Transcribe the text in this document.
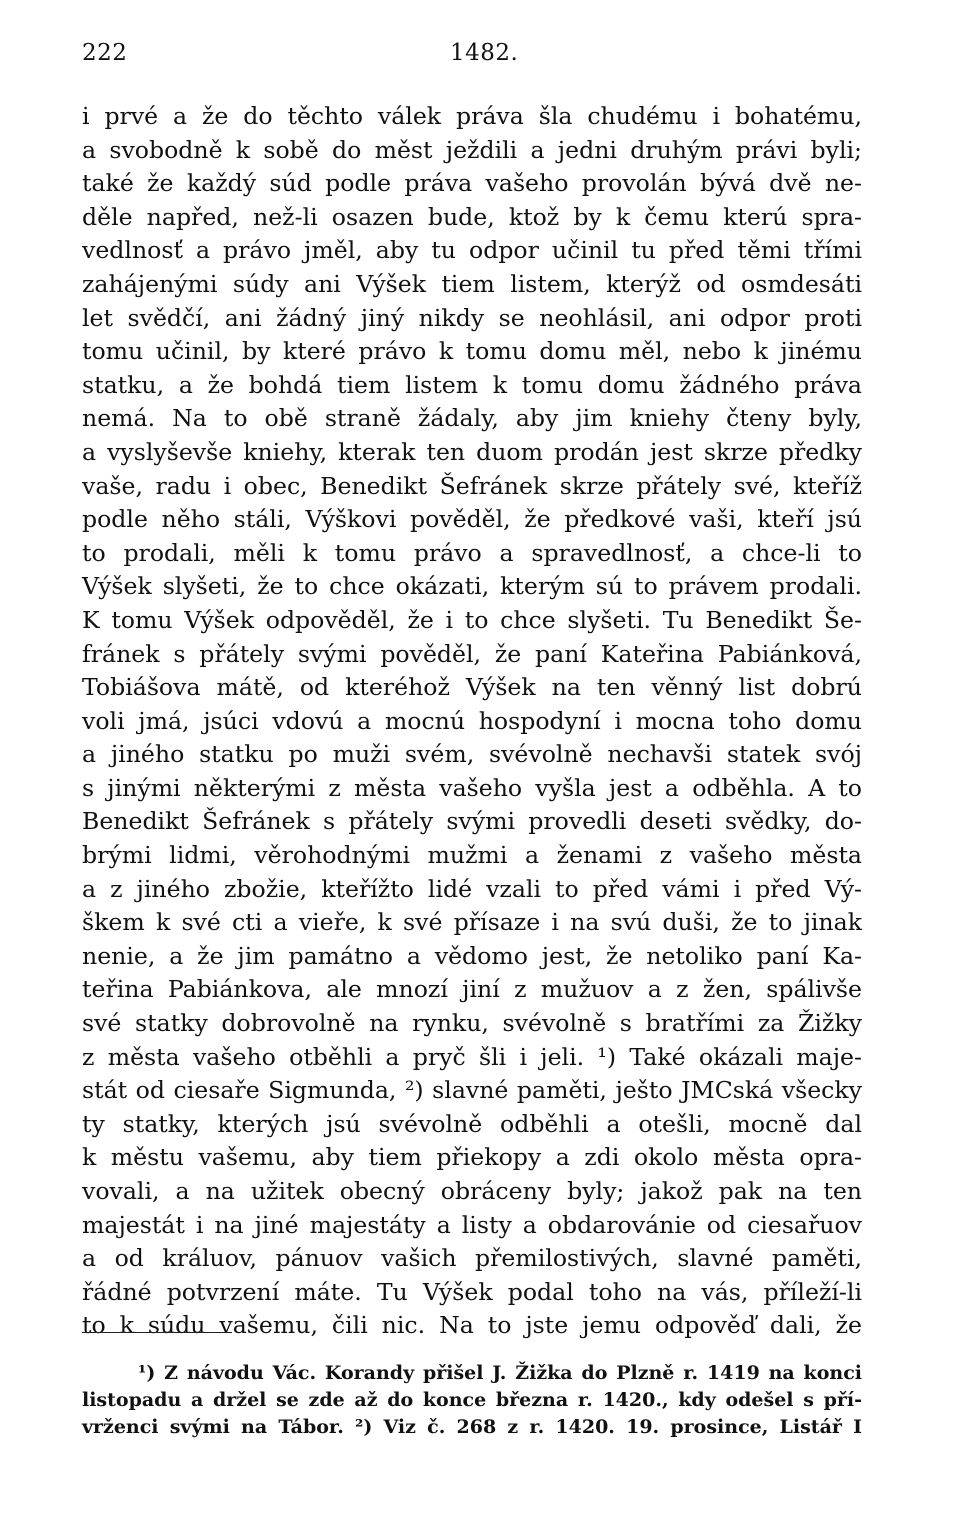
222	1482.
i prvé a že do těchto válek práva šla chudému i bohatému,
a svobodně k sobě do měst ježdili a jedni druhým právi byli;
také že každý súd podle práva vašeho provolán bývá dvě ne-
děle napřed, než-li osazen bude, ktož by k čemu kterú spra-
vedlnosť a právo jměl, aby tu odpor učinil tu před těmi třími
zahájenými súdy ani Výšek tiem listem, kterýž od osmdesáti
let svědčí, ani žádný jiný nikdy se neohlásil, ani odpor proti
tomu učinil, by které právo k tomu domu měl, nebo k jinému
statku, a že bohdá tiem listem k tomu domu žádného práva
nemá. Na to obě straně žádaly, aby jim kniehy čteny byly,
a vyslyševše kniehy, kterak ten duom prodán jest skrze předky
vaše, radu i obec, Benedikt Šefránek skrze přátely své, kteříž
podle něho stáli, Výškovi pověděl, že předkové vaši, kteří jsú
to prodali, měli k tomu právo a spravedlnosť, a chce-li to
Výšek slyšeti, že to chce okázati, kterým sú to právem prodali.
K tomu Výšek odpověděl, že i to chce slyšeti. Tu Benedikt Še-
fránek s přátely svými pověděl, že paní Kateřina Pabiánková,
Tobiášova mátě, od kteréhož Výšek na ten věnný list dobrú
voli jmá, jsúci vdovú a mocnú hospodyní i mocna toho domu
a jiného statku po muži svém, svévolně nechavši statek svój
s jinými některými z města vašeho vyšla jest a odběhla. A to
Benedikt Šefránek s přátely svými provedli deseti svědky, do-
brými lidmi, věrohodnými mužmi a ženami z vašeho města
a z jiného zbožie, kteřížto lidé vzali to před vámi i před Vý-
škem k své cti a vieře, k své přísaze i na svú duši, že to jinak
nenie, a že jim památno a vědomo jest, že netoliko paní Ka-
teřina Pabiánkova, ale mnozí jiní z mužuov a z žen, spálivše
své statky dobrovolně na rynku, svévolně s bratřími za Žižky
z města vašeho otběhli a pryč šli i jeli. ¹) Také okázali maje-
stát od ciesaře Sigmunda, ²) slavné paměti, ješto JMCská všecky
ty statky, kterých jsú svévolně odběhli a otešli, mocně dal
k městu vašemu, aby tiem přiekopy a zdi okolo města opra-
vovali, a na užitek obecný obráceny byly; jakož pak na ten
majestát i na jiné majestáty a listy a obdarovánie od ciesařuov
a od králuov, pánuov vašich přemilostivých, slavné paměti,
řádné potvrzení máte. Tu Výšek podal toho na vás, příleží-li
to k súdu vašemu, čili nic. Na to jste jemu odpověď dali, že
¹) Z návodu Vác. Korandy přišel J. Žižka do Plzně r. 1419 na konci
listopadu a držel se zde až do konce března r. 1420., kdy odešel s pří-
vrženci svými na Tábor. ²) Viz č. 268 z r. 1420. 19. prosince, Listář I
